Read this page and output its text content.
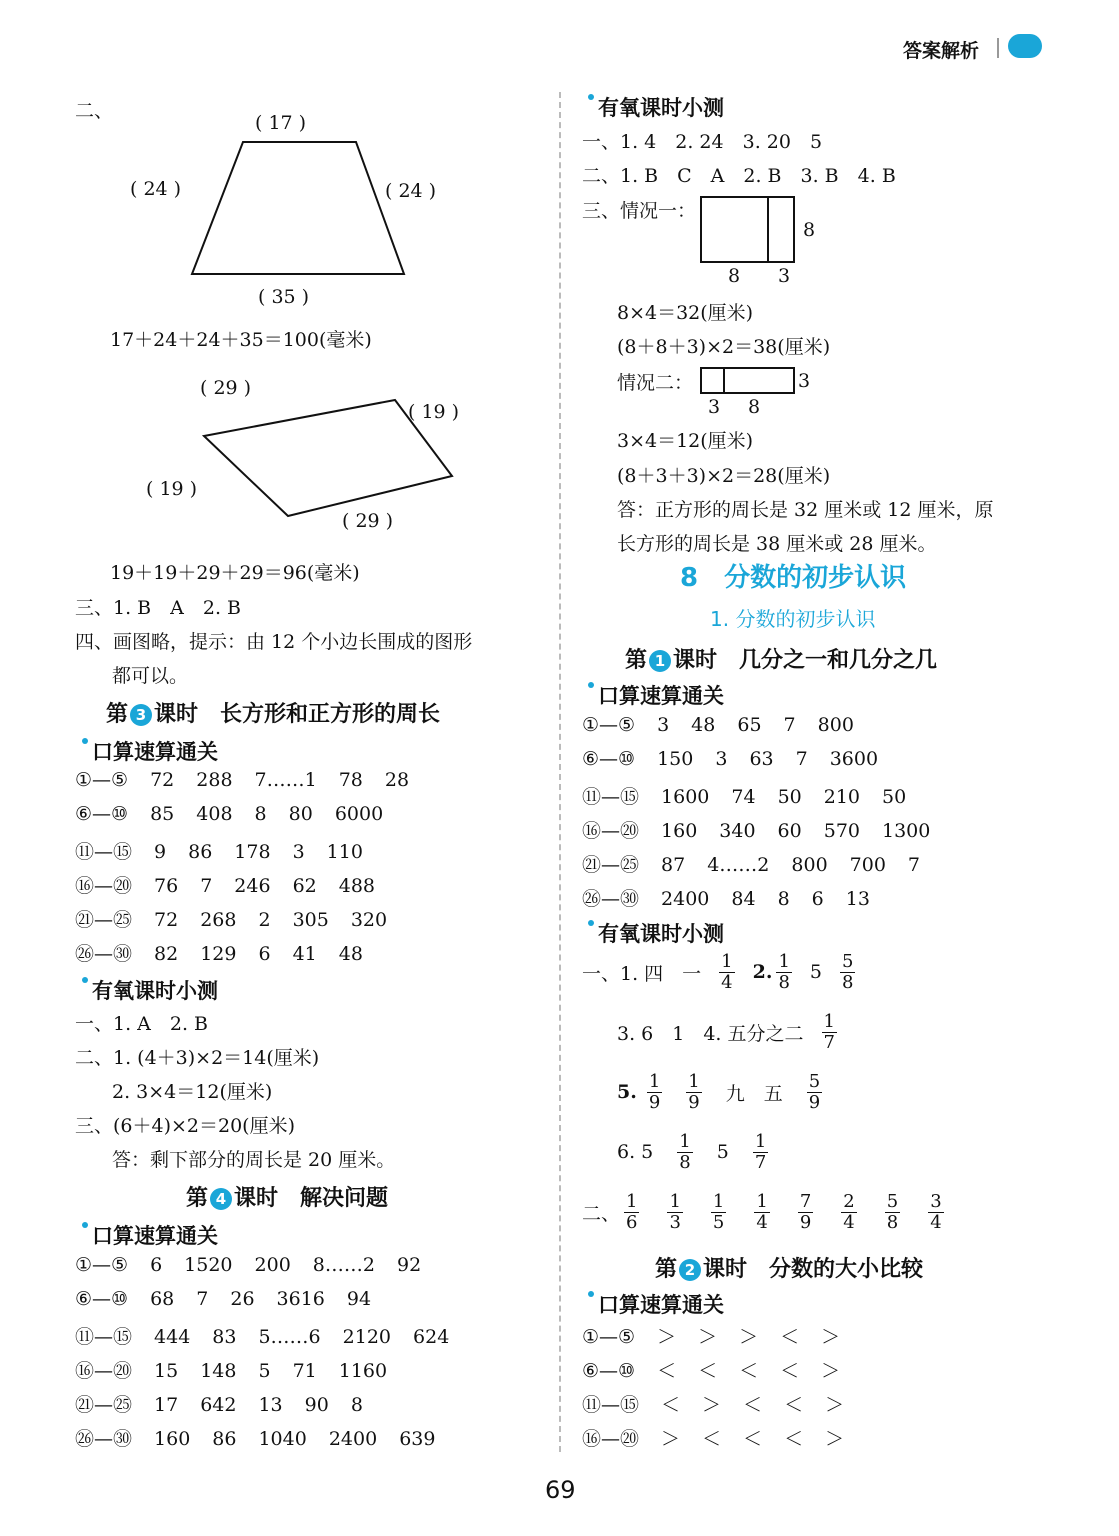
答案解析
二、
( 17 )
( 24 )	( 24 )
( 35 )
17＋24＋24＋35＝100(毫米)
( 29 )
( 19 )
( 19 )
( 29 )
19＋19＋29＋29＝96(毫米)
三、1. B　A　2. B
四、画图略，提示：由 12 个小边长围成的图形
都可以。
第 3 课时　长方形和正方形的周长
口算速算通关
①—⑤ 72 288 7……1 78 28
⑥—⑩ 85 408 8 80 6000
⑪—⑮ 9 86 178 3 110
⑯—⑳ 76 7 246 62 488
㉑—㉕ 72 268 2 305 320
㉖—㉚ 82 129 6 41 48
有氧课时小测
一、1. A　2. B
二、1. (4＋3)×2＝14(厘米)
2. 3×4＝12(厘米)
三、(6＋4)×2＝20(厘米)
答：剩下部分的周长是 20 厘米。
第 4 课时　解决问题
口算速算通关
①—⑤ 6 1520 200 8……2 92
⑥—⑩ 68 7 26 3616 94
⑪—⑮ 444 83 5……6 2120 624
⑯—⑳ 15 148 5 71 1160
㉑—㉕ 17 642 13 90 8
㉖—㉚ 160 86 1040 2400 639
有氧课时小测
一、1. 4　2. 24　3. 20　5
二、1. B　C　A　2. B　3. B　4. B
三、情况一：
8
8 3
8×4＝32(厘米)
(8＋8＋3)×2＝38(厘米)
情况二：	3
3 8
3×4＝12(厘米)
(8＋3＋3)×2＝28(厘米)
答：正方形的周长是 32 厘米或 12 厘米，原
长方形的周长是 38 厘米或 28 厘米。
8　分数的初步认识
1. 分数的初步认识
第 1 课时　几分之一和几分之几
口算速算通关
①—⑤ 3 48 65 7 800
⑥—⑩ 150 3 63 7 3600
⑪—⑮ 1600 74 50 210 50
⑯—⑳ 160 340 60 570 1300
㉑—㉕ 87 4……2 800 700 7
㉖—㉚ 2400 84 8 6 13
有氧课时小测
一、1. 四　一 $\frac{1}{4} 2$. $\frac{1}{8} 5 \frac{5}{8}$
3. 6　1　4. 五分之二 $\frac{1}{7}$
5. $\frac{1}{9} \frac{1}{9}$ 九　五 $\frac{5}{9}$
6. $5 \frac{1}{8} 5 \frac{1}{7}$
二、 $\frac{1}{6} \frac{1}{3} \frac{1}{5} \frac{1}{4} \frac{7}{9} \frac{2}{4} \frac{5}{8} \frac{3}{4}$
第 2 课时　分数的大小比较
口算速算通关
①—⑤ ＞ ＞ ＞ ＜ ＞
⑥—⑩ ＜ ＜ ＜ ＜ ＞
⑪—⑮ ＜ ＞ ＜ ＜ ＞
⑯—⑳ ＞ ＜ ＜ ＜ ＞
69
